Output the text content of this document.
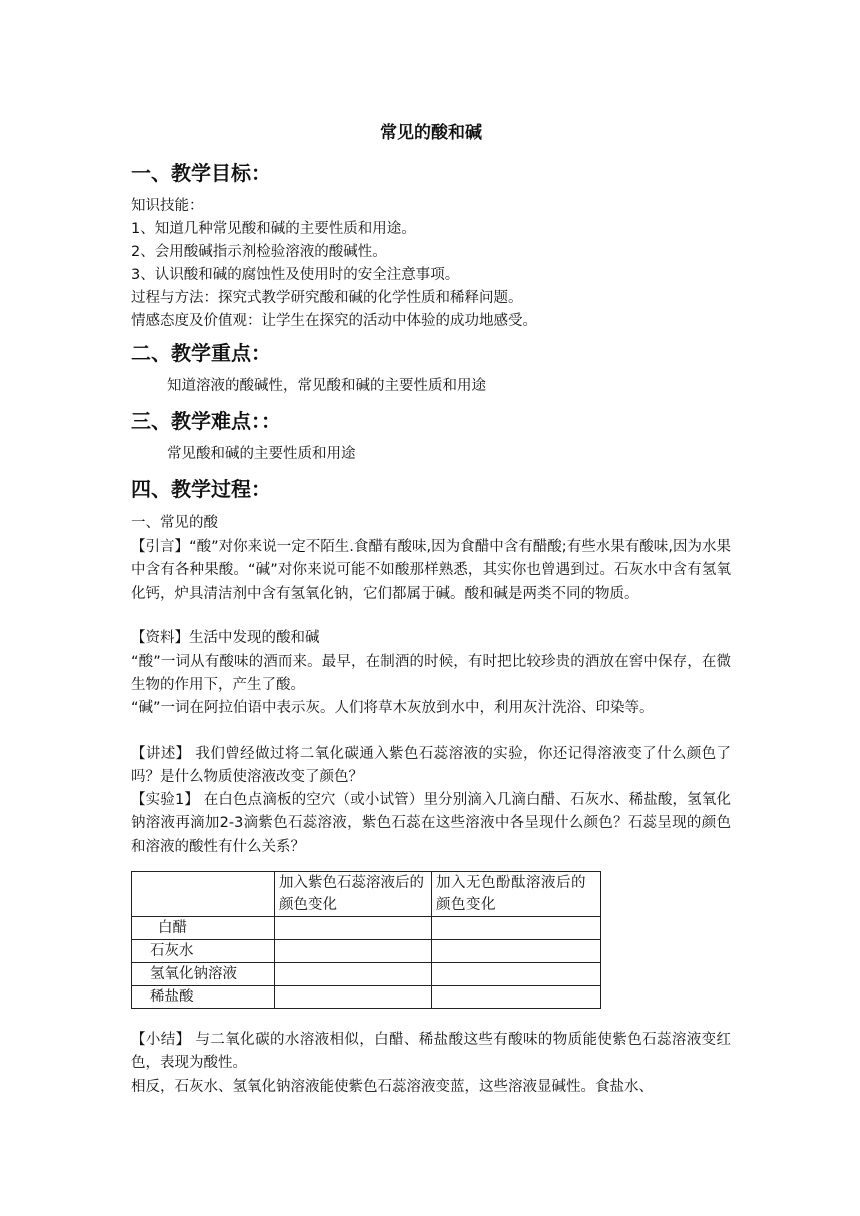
常见的酸和碱
一、教学目标：

知识技能：

1、知道几种常见酸和碱的主要性质和用途。

2、会用酸碱指示剂检验溶液的酸碱性。

3、认识酸和碱的腐蚀性及使用时的安全注意事项。

过程与方法：探究式教学研究酸和碱的化学性质和稀释问题。

情感态度及价值观：让学生在探究的活动中体验的成功地感受。

二、教学重点：

知道溶液的酸碱性，常见酸和碱的主要性质和用途

三、教学难点：：

常见酸和碱的主要性质和用途

四、教学过程：

一、常见的酸

【引言】“酸”对你来说一定不陌生.食醋有酸味,因为食醋中含有醋酸;有些水果有酸味,因为水果中含有各种果酸。“碱”对你来说可能不如酸那样熟悉，其实你也曾遇到过。石灰水中含有氢氧化钙，炉具清洁剂中含有氢氧化钠，它们都属于碱。酸和碱是两类不同的物质。

【资料】生活中发现的酸和碱

“酸”一词从有酸味的酒而来。最早，在制酒的时候，有时把比较珍贵的酒放在窖中保存，在微生物的作用下，产生了酸。

“碱”一词在阿拉伯语中表示灰。人们将草木灰放到水中，利用灰汁洗浴、印染等。

【讲述】 我们曾经做过将二氧化碳通入紫色石蕊溶液的实验，你还记得溶液变了什么颜色了吗？是什么物质使溶液改变了颜色？

【实验1】 在白色点滴板的空穴（或小试管）里分别滴入几滴白醋、石灰水、稀盐酸，氢氧化钠溶液再滴加2-3滴紫色石蕊溶液，紫色石蕊在这些溶液中各呈现什么颜色？石蕊呈现的颜色和溶液的酸性有什么关系？

	加入紫色石蕊溶液后的颜色变化	加入无色酚酞溶液后的颜色变化
白醋		
石灰水		
氢氧化钠溶液		
稀盐酸		

【小结】 与二氧化碳的水溶液相似，白醋、稀盐酸这些有酸味的物质能使紫色石蕊溶液变红色，表现为酸性。

相反，石灰水、氢氧化钠溶液能使紫色石蕊溶液变蓝，这些溶液显碱性。食盐水、
